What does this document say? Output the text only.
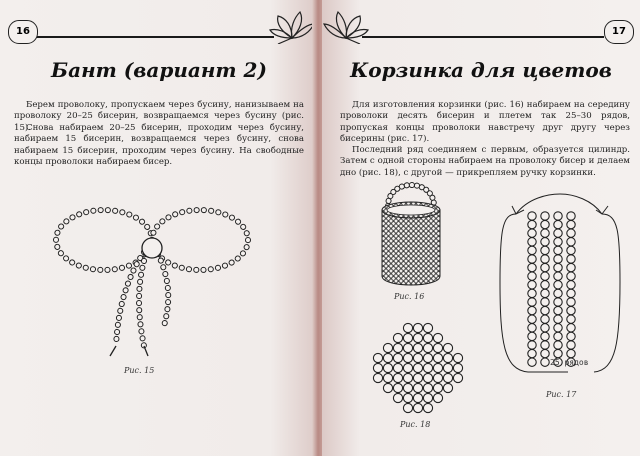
16
Бант (вариант 2)
Берем проволоку, пропускаем через бусину, нанизываем на проволоку 20–25 бисерин, возвращаемся через бусину (рис. 15).
Снова набираем 20–25 бисерин, проходим через бусину, набираем 15 бисерин, возвращаемся через бусину, снова набираем 15 бисерин, проходим через бусину. На свободные концы проволоки набираем бисер.
Рис. 15
17
Корзинка для цветов
Для изготовления корзинки (рис. 16) набираем на середину проволоки десять бисерин и плетем так 25–30 рядов, пропуская концы проволоки навстречу друг другу через бисерины (рис. 17).
Последний ряд соединяем с первым, образуется цилиндр. Затем с одной стороны набираем на проволоку бисер и делаем дно (рис. 18), с другой — прикрепляем ручку корзинки.
Рис. 16
Рис. 17
25 рядов
Рис. 18
